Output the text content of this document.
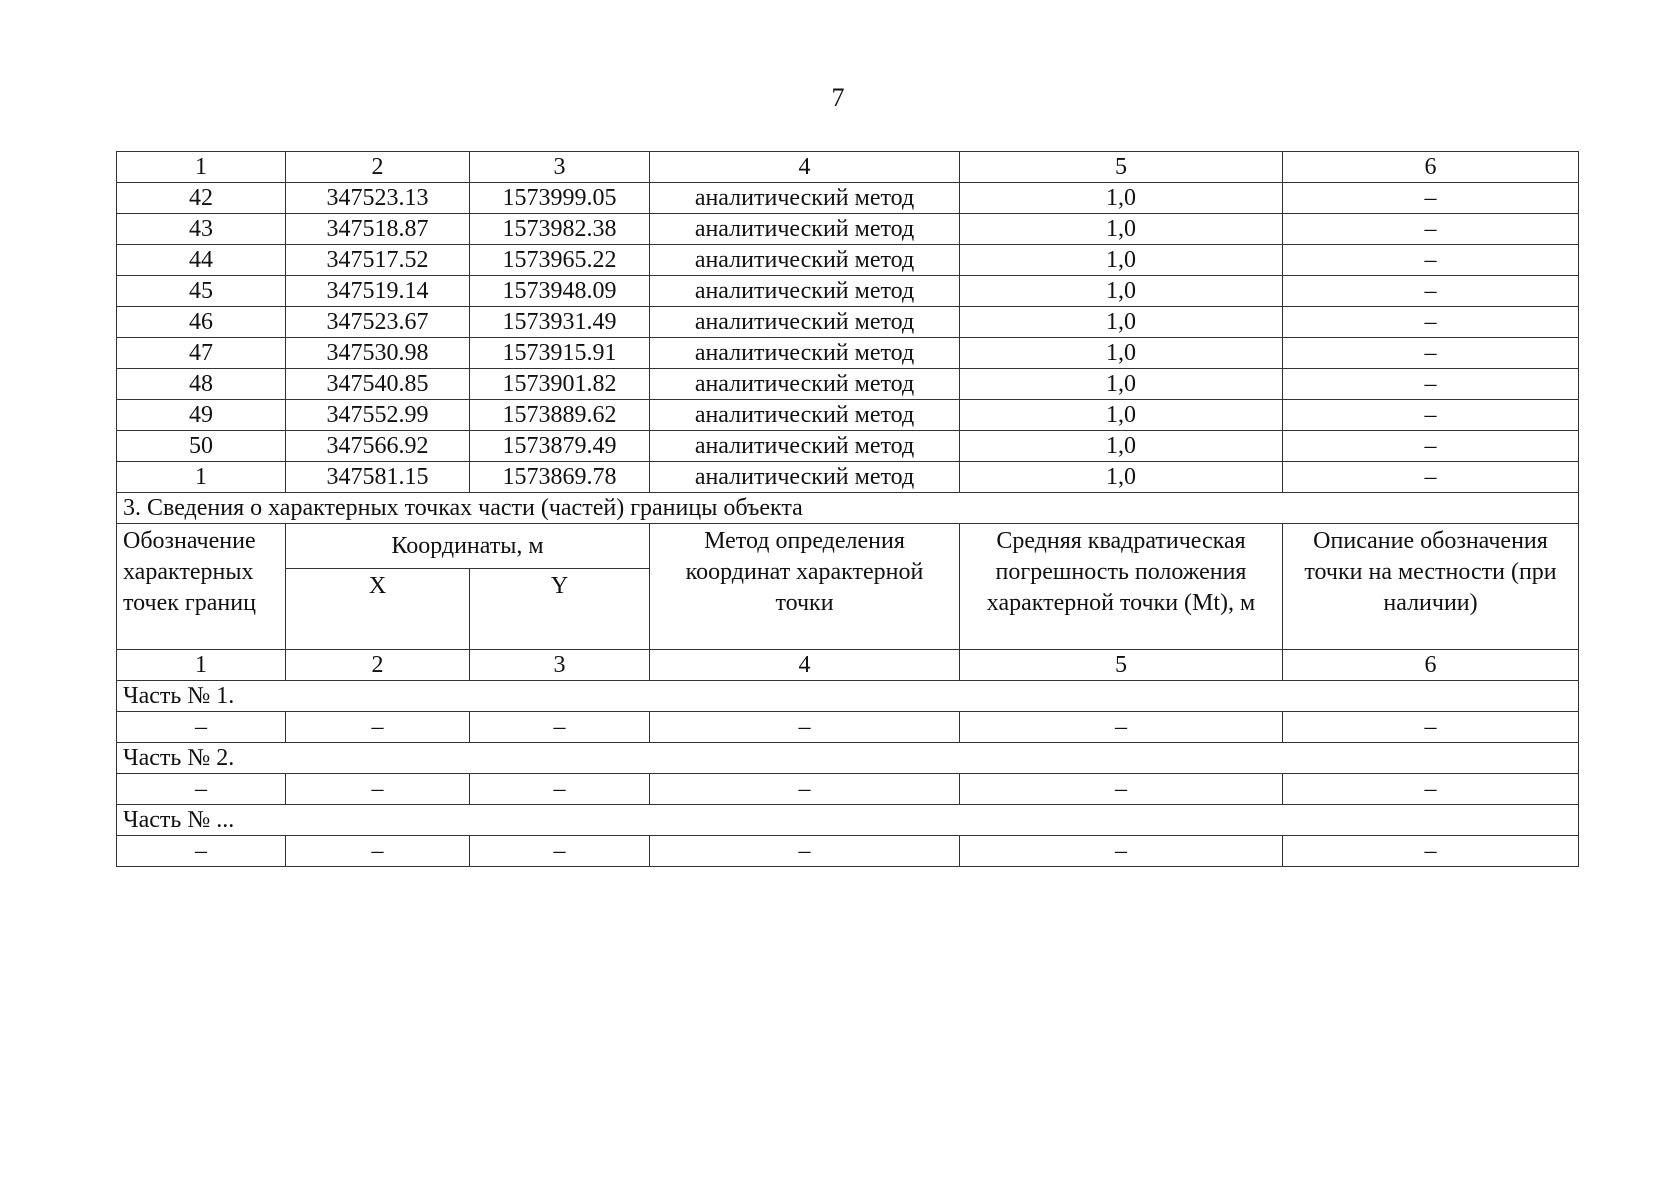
7
1	2	3	4	5	6
42	347523.13	1573999.05	аналитический метод	1,0	–
43	347518.87	1573982.38	аналитический метод	1,0	–
44	347517.52	1573965.22	аналитический метод	1,0	–
45	347519.14	1573948.09	аналитический метод	1,0	–
46	347523.67	1573931.49	аналитический метод	1,0	–
47	347530.98	1573915.91	аналитический метод	1,0	–
48	347540.85	1573901.82	аналитический метод	1,0	–
49	347552.99	1573889.62	аналитический метод	1,0	–
50	347566.92	1573879.49	аналитический метод	1,0	–
1	347581.15	1573869.78	аналитический метод	1,0	–
3. Сведения о характерных точках части (частей) границы объекта					
Обозначение характерных точек границ	Координаты, м		Метод определения координат характерной точки	Средняя квадратическая погрешность положения характерной точки (Mt), м	Описание обозначения точки на местности (при наличии)
	X	Y			
1	2	3	4	5	6
Часть № 1.					
–	–	–	–	–	–
Часть № 2.					
–	–	–	–	–	–
Часть № ...					
–	–	–	–	–	–
